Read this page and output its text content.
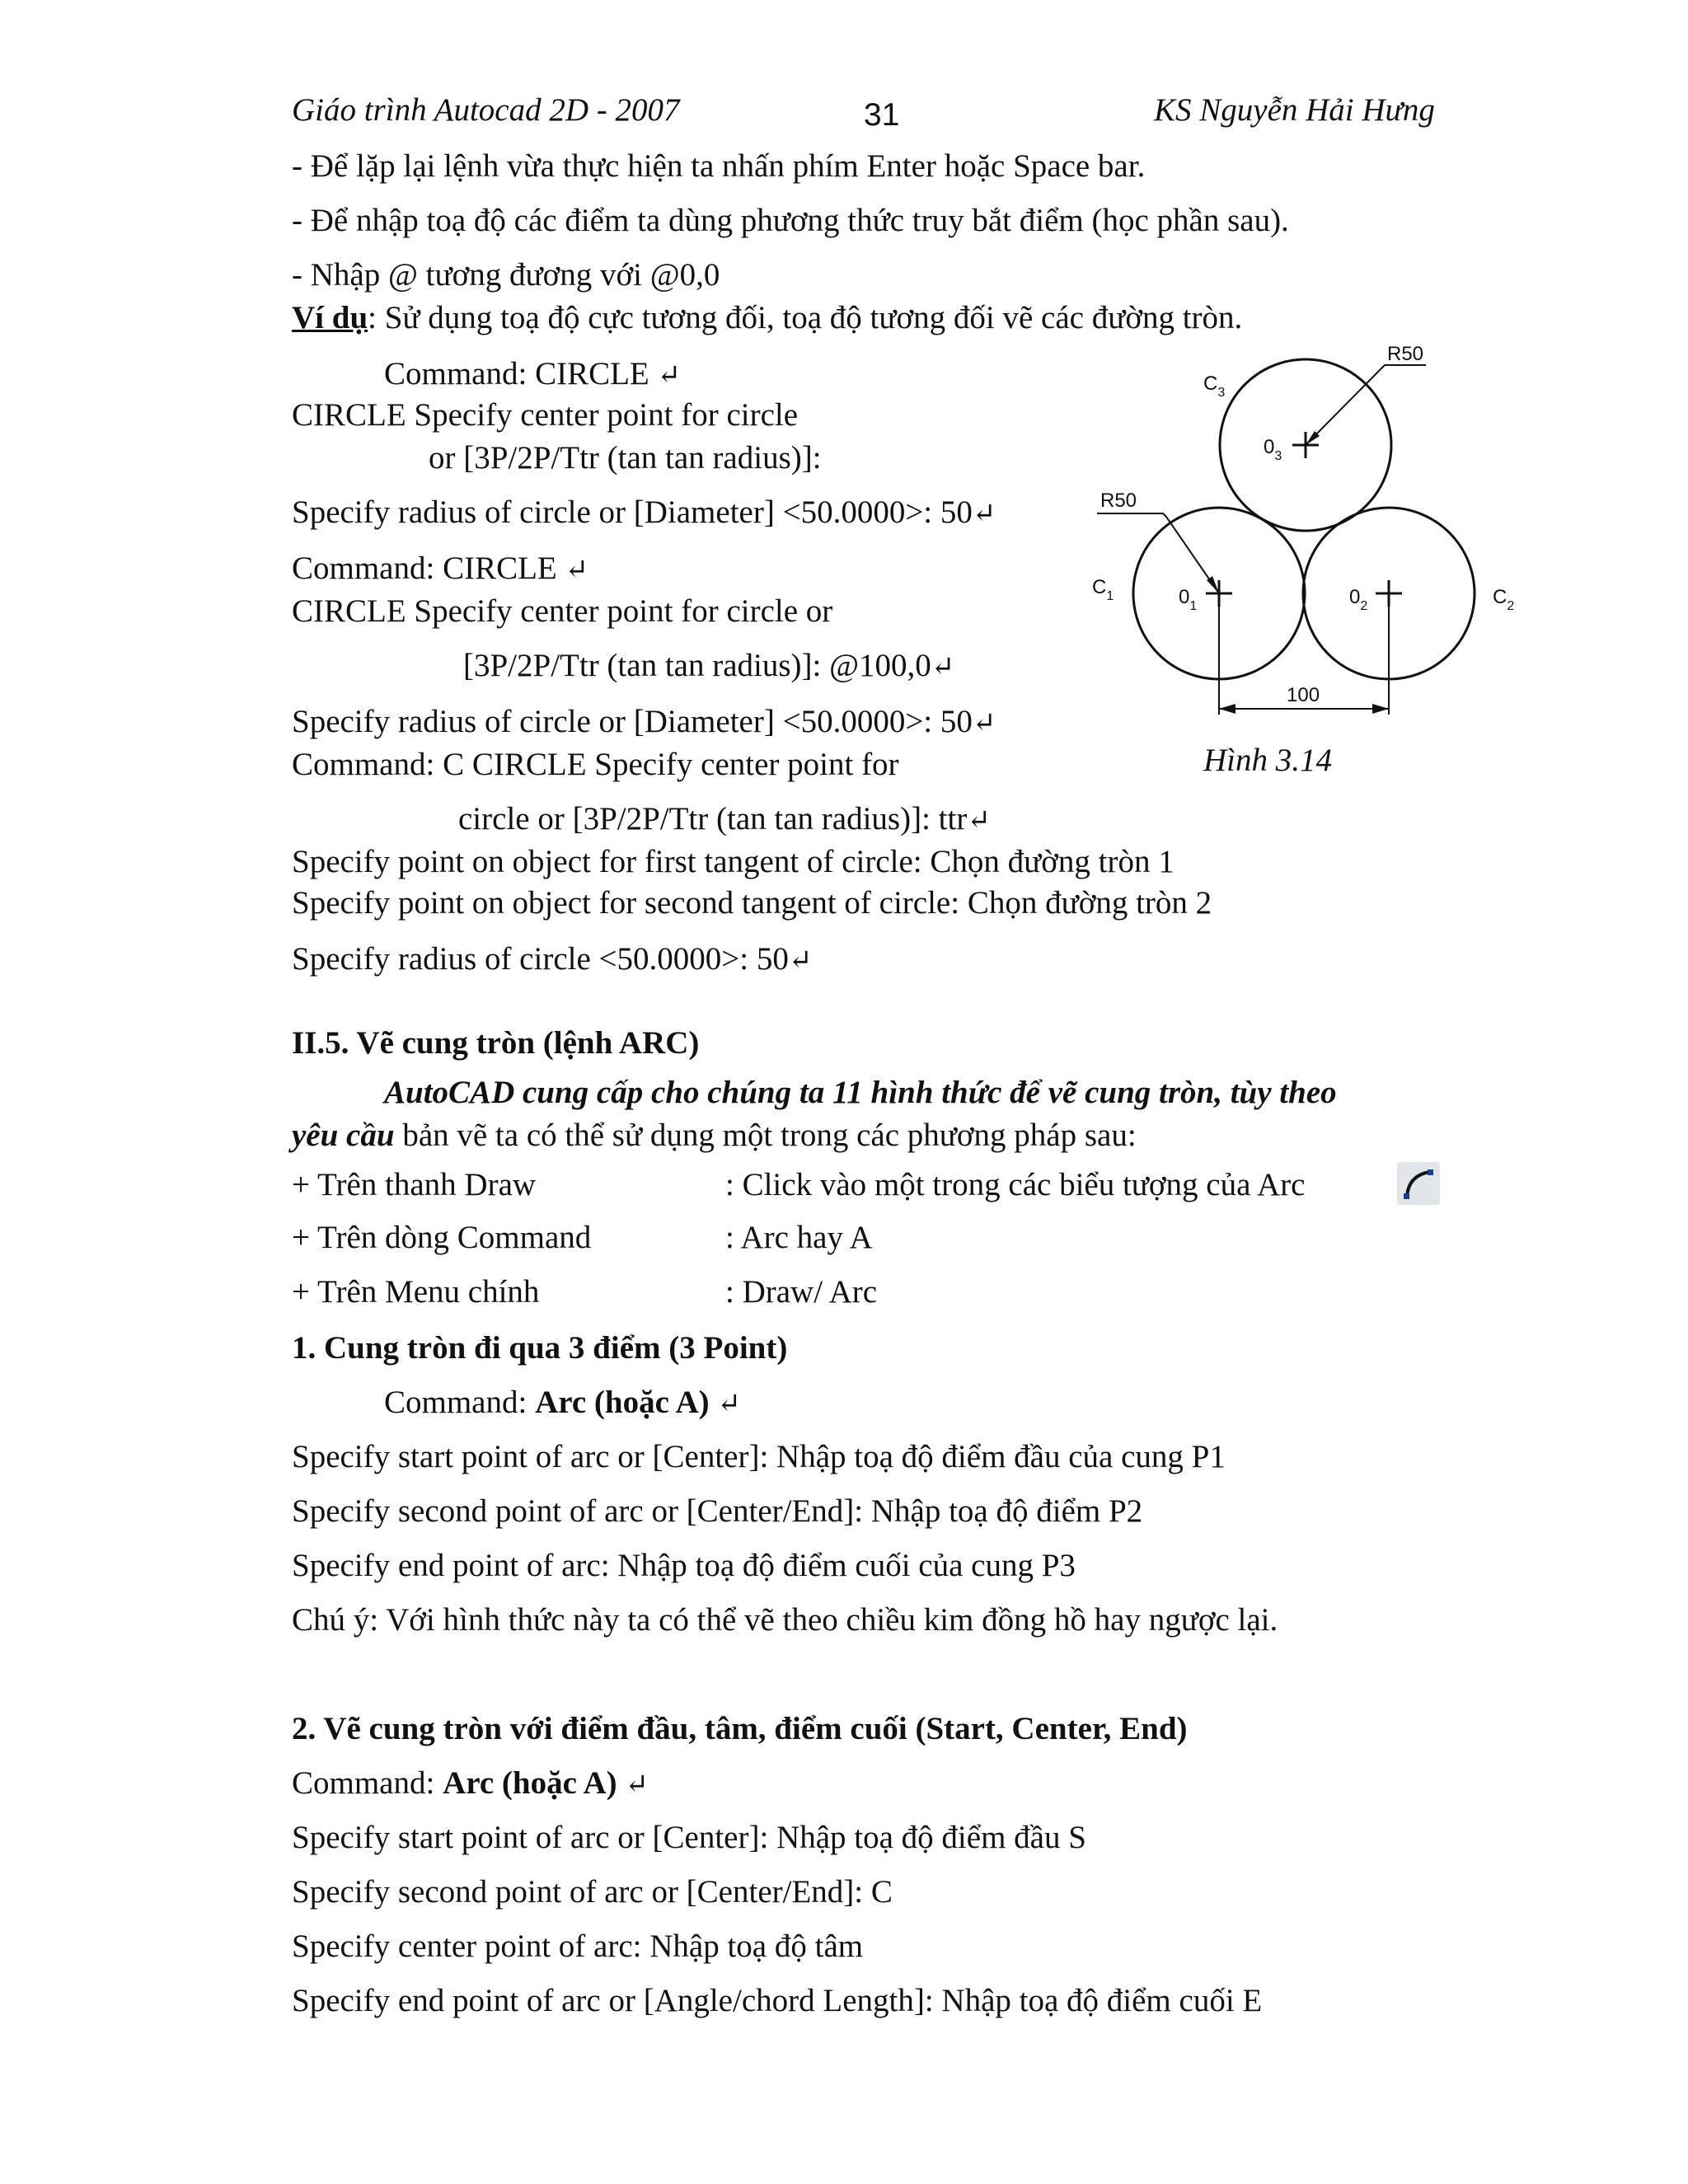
Giáo trình Autocad 2D - 2007	31	KS Nguyễn Hải Hưng
- Để lặp lại lệnh vừa thực hiện ta nhấn phím Enter hoặc Space bar.
- Để nhập toạ độ các điểm ta dùng phương thức truy bắt điểm (học phần sau).
- Nhập @ tương đương với @0,0
Ví dụ: Sử dụng toạ độ cực tương đối, toạ độ tương đối vẽ các đường tròn.
Command: CIRCLE ↵
CIRCLE Specify center point for circle
or [3P/2P/Ttr (tan tan radius)]:
Specify radius of circle or [Diameter] <50.0000>: 50↵
Command: CIRCLE ↵
CIRCLE Specify center point for circle or
[3P/2P/Ttr (tan tan radius)]: @100,0↵
Specify radius of circle or [Diameter] <50.0000>: 50↵
Command: C CIRCLE Specify center point for
circle or [3P/2P/Ttr (tan tan radius)]: ttr↵
Specify point on object for first tangent of circle: Chọn đường tròn 1
Specify point on object for second tangent of circle: Chọn đường tròn 2
Specify radius of circle <50.0000>: 50↵
R50
R50
$C_3$
$C_1$	$C_2$
$0_3$
$0_1$	$0_2$
100
Hình 3.14
II.5. Vẽ cung tròn (lệnh ARC)
AutoCAD cung cấp cho chúng ta 11 hình thức để vẽ cung tròn, tùy theo
yêu cầu bản vẽ ta có thể sử dụng một trong các phương pháp sau:
+ Trên thanh Draw	: Click vào một trong các biểu tượng của Arc
+ Trên dòng Command	: Arc hay A
+ Trên Menu chính	: Draw/ Arc
1. Cung tròn đi qua 3 điểm (3 Point)
Command: Arc (hoặc A) ↵
Specify start point of arc or [Center]: Nhập toạ độ điểm đầu của cung P1
Specify second point of arc or [Center/End]: Nhập toạ độ điểm P2
Specify end point of arc: Nhập toạ độ điểm cuối của cung P3
Chú ý: Với hình thức này ta có thể vẽ theo chiều kim đồng hồ hay ngược lại.
2. Vẽ cung tròn với điểm đầu, tâm, điểm cuối (Start, Center, End)
Command: Arc (hoặc A) ↵
Specify start point of arc or [Center]: Nhập toạ độ điểm đầu S
Specify second point of arc or [Center/End]: C
Specify center point of arc: Nhập toạ độ tâm
Specify end point of arc or [Angle/chord Length]: Nhập toạ độ điểm cuối E
